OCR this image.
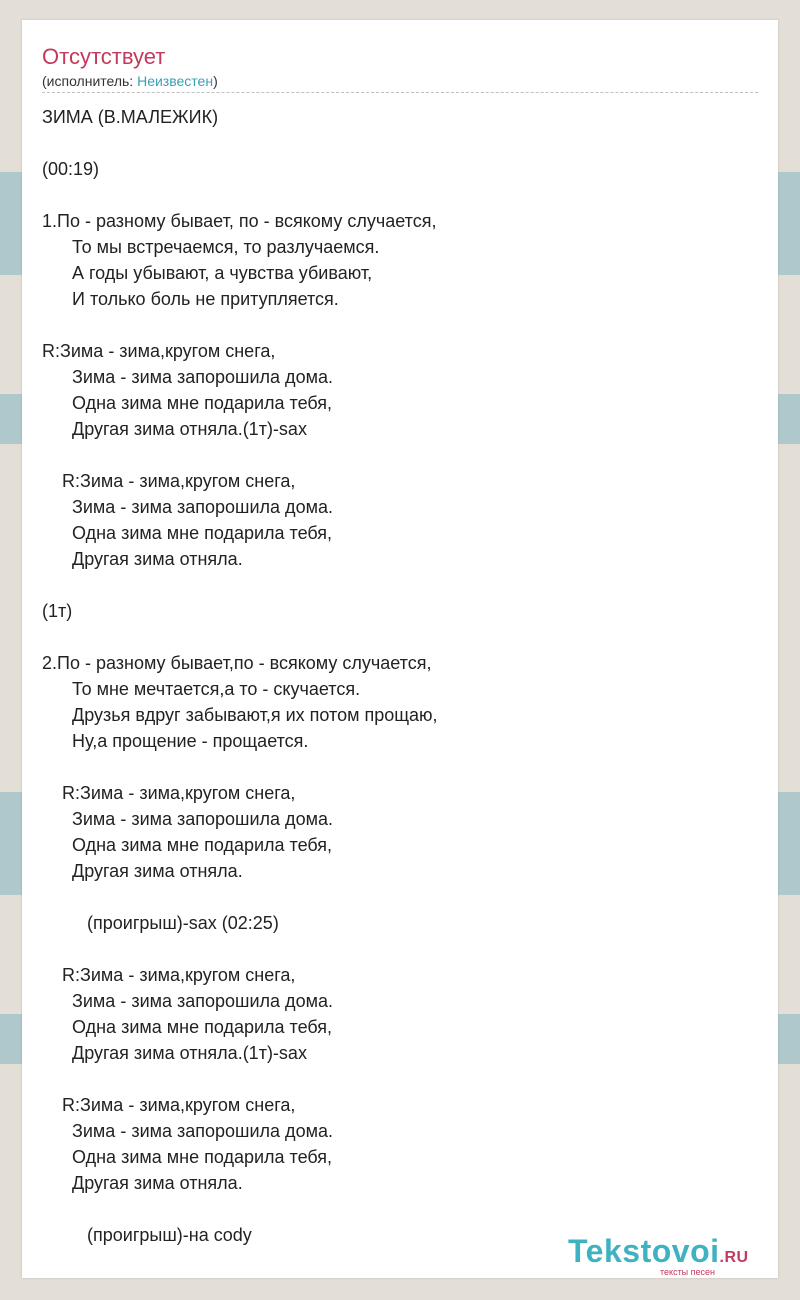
Отсутствует
(исполнитель: Неизвестен)
ЗИМА (В.МАЛЕЖИК)

(00:19)

1.По - разному бывает, по - всякому случается,
То мы встречаемся, то разлучаемся.
А годы убывают, а чувства убивают,
И только боль не притупляется.

R:Зима - зима,кругом снега,
Зима - зима запорошила дома.
Одна зима мне подарила тебя,
Другая зима отняла.(1т)-sax

R:Зима - зима,кругом снега,
Зима - зима запорошила дома.
Одна зима мне подарила тебя,
Другая зима отняла.

(1т)

2.По - разному бывает,по - всякому случается,
То мне мечтается,а то - скучается.
Друзья вдруг забывают,я их потом прощаю,
Ну,а прощение - прощается.

R:Зима - зима,кругом снега,
Зима - зима запорошила дома.
Одна зима мне подарила тебя,
Другая зима отняла.

(проигрыш)-sax (02:25)

R:Зима - зима,кругом снега,
Зима - зима запорошила дома.
Одна зима мне подарила тебя,
Другая зима отняла.(1т)-sax

R:Зима - зима,кругом снега,
Зима - зима запорошила дома.
Одна зима мне подарила тебя,
Другая зима отняла.

(проигрыш)-на cody	Tekstovoi.RU
тексты песен
